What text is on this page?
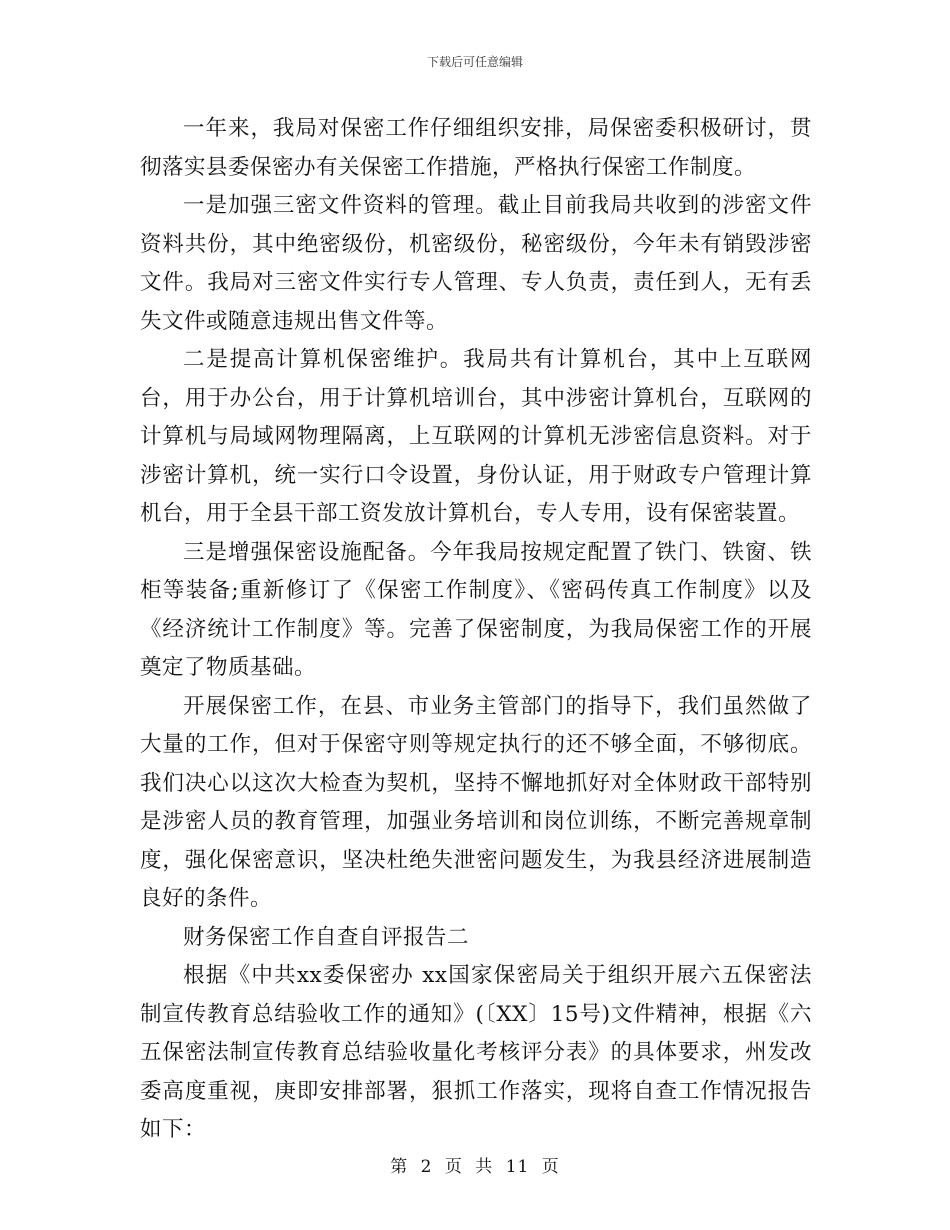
下载后可任意编辑

一年来，我局对保密工作仔细组织安排，局保密委积极研讨，贯彻落实县委保密办有关保密工作措施，严格执行保密工作制度。

一是加强三密文件资料的管理。截止目前我局共收到的涉密文件资料共份，其中绝密级份，机密级份，秘密级份，今年未有销毁涉密文件。我局对三密文件实行专人管理、专人负责，责任到人，无有丢失文件或随意违规出售文件等。

二是提高计算机保密维护。我局共有计算机台，其中上互联网台，用于办公台，用于计算机培训台，其中涉密计算机台，互联网的计算机与局域网物理隔离，上互联网的计算机无涉密信息资料。对于涉密计算机，统一实行口令设置，身份认证，用于财政专户管理计算机台，用于全县干部工资发放计算机台，专人专用，设有保密装置。

三是增强保密设施配备。今年我局按规定配置了铁门、铁窗、铁柜等装备;重新修订了《保密工作制度》、《密码传真工作制度》以及《经济统计工作制度》等。完善了保密制度，为我局保密工作的开展奠定了物质基础。

开展保密工作，在县、市业务主管部门的指导下，我们虽然做了大量的工作，但对于保密守则等规定执行的还不够全面，不够彻底。我们决心以这次大检查为契机，坚持不懈地抓好对全体财政干部特别是涉密人员的教育管理，加强业务培训和岗位训练，不断完善规章制度，强化保密意识，坚决杜绝失泄密问题发生，为我县经济进展制造良好的条件。

财务保密工作自查自评报告二

根据《中共xx委保密办 xx国家保密局关于组织开展六五保密法制宣传教育总结验收工作的通知》(〔XX〕15号)文件精神，根据《六五保密法制宣传教育总结验收量化考核评分表》的具体要求，州发改委高度重视，庚即安排部署，狠抓工作落实，现将自查工作情况报告如下：

第 2 页 共 11 页
